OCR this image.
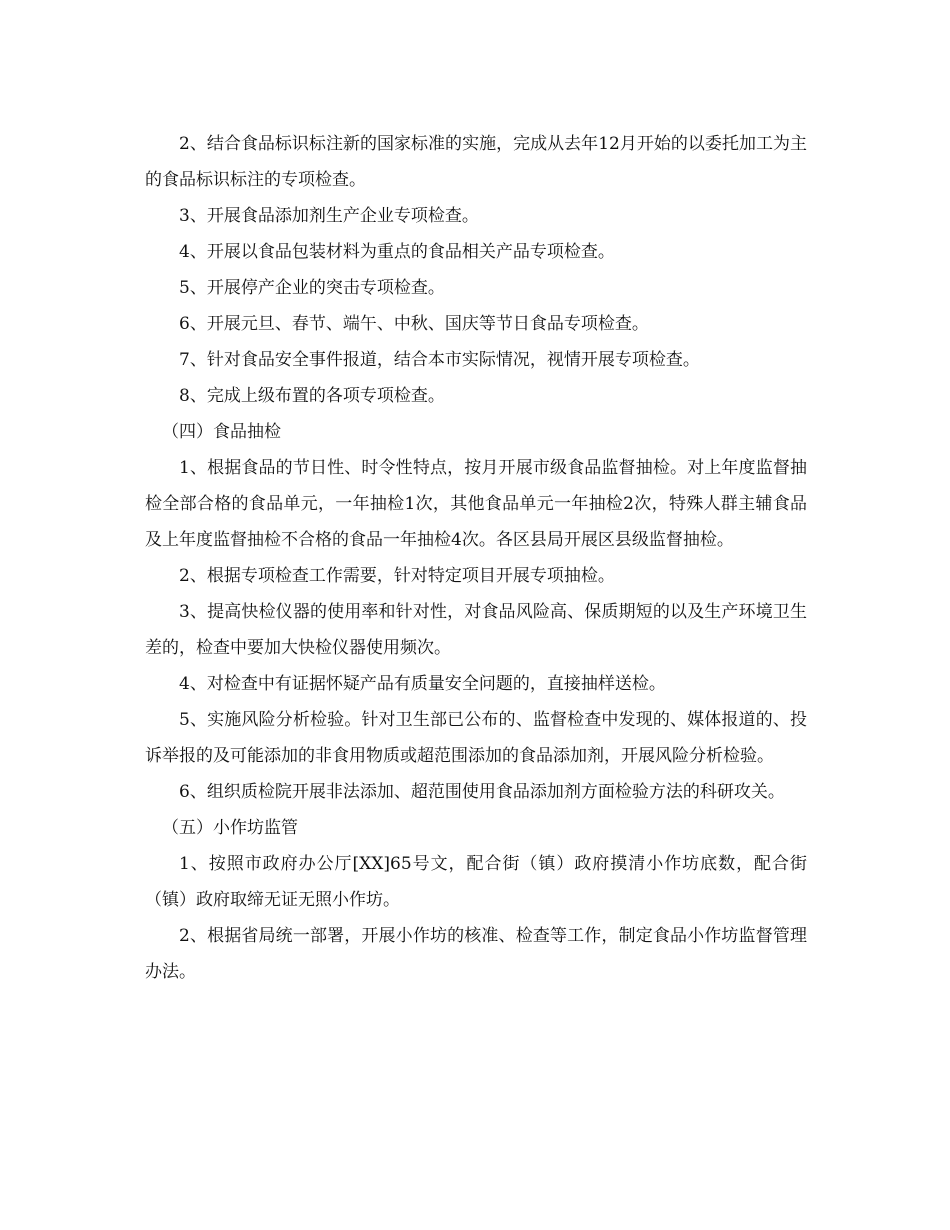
2、结合食品标识标注新的国家标准的实施，完成从去年12月开始的以委托加工为主的食品标识标注的专项检查。

3、开展食品添加剂生产企业专项检查。

4、开展以食品包装材料为重点的食品相关产品专项检查。

5、开展停产企业的突击专项检查。

6、开展元旦、春节、端午、中秋、国庆等节日食品专项检查。

7、针对食品安全事件报道，结合本市实际情况，视情开展专项检查。

8、完成上级布置的各项专项检查。

（四）食品抽检

1、根据食品的节日性、时令性特点，按月开展市级食品监督抽检。对上年度监督抽检全部合格的食品单元，一年抽检1次，其他食品单元一年抽检2次，特殊人群主辅食品及上年度监督抽检不合格的食品一年抽检4次。各区县局开展区县级监督抽检。

2、根据专项检查工作需要，针对特定项目开展专项抽检。

3、提高快检仪器的使用率和针对性，对食品风险高、保质期短的以及生产环境卫生差的，检查中要加大快检仪器使用频次。

4、对检查中有证据怀疑产品有质量安全问题的，直接抽样送检。

5、实施风险分析检验。针对卫生部已公布的、监督检查中发现的、媒体报道的、投诉举报的及可能添加的非食用物质或超范围添加的食品添加剂，开展风险分析检验。

6、组织质检院开展非法添加、超范围使用食品添加剂方面检验方法的科研攻关。

（五）小作坊监管

1、按照市政府办公厅[XX]65号文，配合街（镇）政府摸清小作坊底数，配合街（镇）政府取缔无证无照小作坊。

2、根据省局统一部署，开展小作坊的核准、检查等工作，制定食品小作坊监督管理办法。
